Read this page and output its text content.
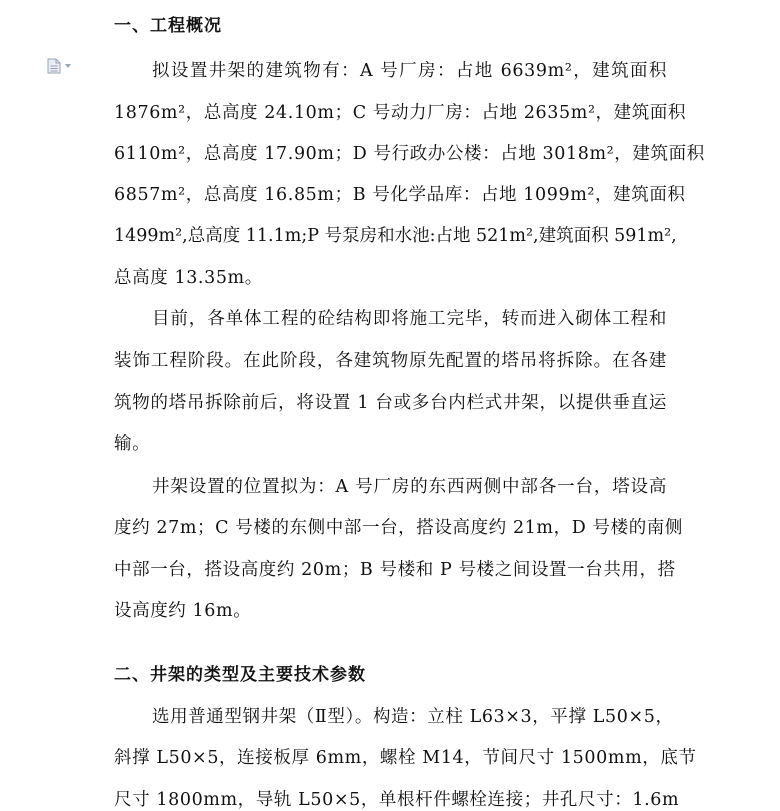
一、工程概况
拟设置井架的建筑物有：A 号厂房：占地 6639m²，建筑面积
1876m²，总高度 24.10m；C 号动力厂房：占地 2635m²，建筑面积
6110m²，总高度 17.90m；D 号行政办公楼：占地 3018m²，建筑面积
6857m²，总高度 16.85m；B 号化学品库：占地 1099m²，建筑面积
1499m²,总高度 11.1m;P 号泵房和水池:占地 521m²,建筑面积 591m²,
总高度 13.35m。
目前，各单体工程的砼结构即将施工完毕，转而进入砌体工程和
装饰工程阶段。在此阶段，各建筑物原先配置的塔吊将拆除。在各建
筑物的塔吊拆除前后，将设置 1 台或多台内栏式井架，以提供垂直运
输。
井架设置的位置拟为：A 号厂房的东西两侧中部各一台，塔设高
度约 27m；C 号楼的东侧中部一台，搭设高度约 21m，D 号楼的南侧
中部一台，搭设高度约 20m；B 号楼和 P 号楼之间设置一台共用，搭
设高度约 16m。
二、井架的类型及主要技术参数
选用普通型钢井架（Ⅱ型）。构造：立柱 L63×3，平撑 L50×5，
斜撑 L50×5，连接板厚 6mm，螺栓 M14，节间尺寸 1500mm，底节
尺寸 1800mm，导轨 L50×5，单根杆件螺栓连接；井孔尺寸：1.6m
